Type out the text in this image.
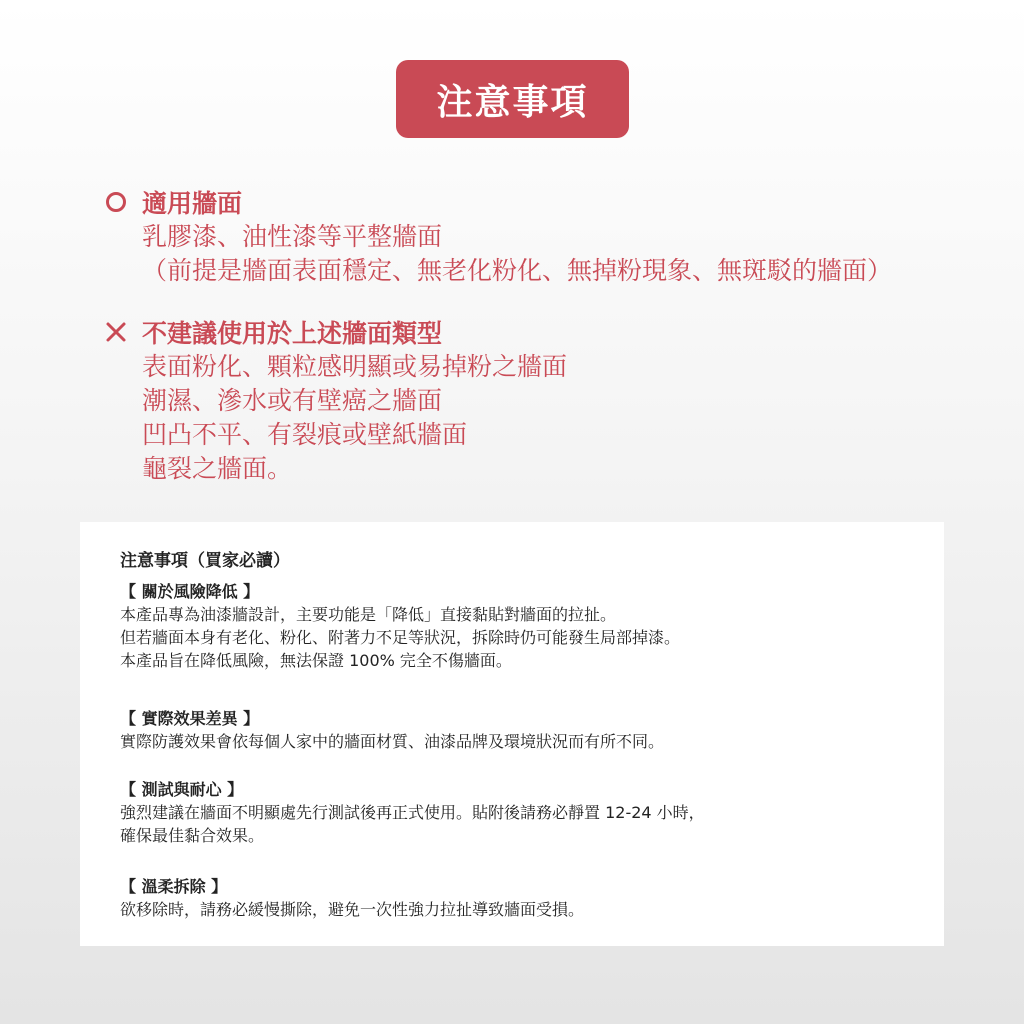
注意事項
適用牆面
乳膠漆、油性漆等平整牆面
（前提是牆面表面穩定、無老化粉化、無掉粉現象、無斑駁的牆面）
不建議使用於上述牆面類型
表面粉化、顆粒感明顯或易掉粉之牆面
潮濕、滲水或有壁癌之牆面
凹凸不平、有裂痕或壁紙牆面
龜裂之牆面。
注意事項（買家必讀）
【 關於風險降低 】
本產品專為油漆牆設計，主要功能是「降低」直接黏貼對牆面的拉扯。
但若牆面本身有老化、粉化、附著力不足等狀況，拆除時仍可能發生局部掉漆。
本產品旨在降低風險，無法保證 100% 完全不傷牆面。
【 實際效果差異 】
實際防護效果會依每個人家中的牆面材質、油漆品牌及環境狀況而有所不同。
【 測試與耐心 】
強烈建議在牆面不明顯處先行測試後再正式使用。貼附後請務必靜置 12-24 小時，
確保最佳黏合效果。
【 溫柔拆除 】
欲移除時，請務必緩慢撕除，避免一次性強力拉扯導致牆面受損。
